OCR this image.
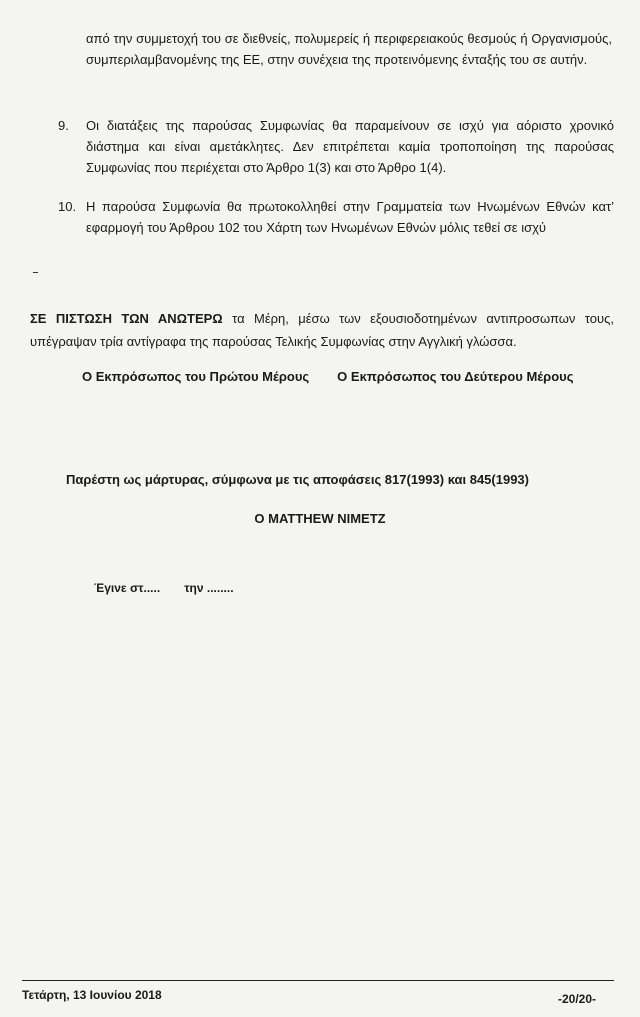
από την συμμετοχή του σε διεθνείς, πολυμερείς ή περιφερειακούς θεσμούς ή Οργανισμούς, συμπεριλαμβανομένης της ΕΕ, στην συνέχεια της προτεινόμενης ένταξής του σε αυτήν.
9. Οι διατάξεις της παρούσας Συμφωνίας θα παραμείνουν σε ισχύ για αόριστο χρονικό διάστημα και είναι αμετάκλητες. Δεν επιτρέπεται καμία τροποποίηση της παρούσας Συμφωνίας που περιέχεται στο Άρθρο 1(3) και στο Άρθρο 1(4).
10. Η παρούσα Συμφωνία θα πρωτοκολληθεί στην Γραμματεία των Ηνωμένων Εθνών κατ’ εφαρμογή του Άρθρου 102 του Χάρτη των Ηνωμένων Εθνών μόλις τεθεί σε ισχύ
ΣΕ ΠΙΣΤΩΣΗ ΤΩΝ ΑΝΩΤΕΡΩ τα Μέρη, μέσω των εξουσιοδοτημένων αντιπροσωπων τους, υπέγραψαν τρία αντίγραφα της παρούσας Τελικής Συμφωνίας στην Αγγλική γλώσσα.
Ο Εκπρόσωπος του Πρώτου Μέρους Ο Εκπρόσωπος του Δεύτερου Μέρους
Παρέστη ως μάρτυρας, σύμφωνα με τις αποφάσεις 817(1993) και 845(1993)
Ο MATTHEW NIMETZ
Έγινε στ..... την ........
Τετάρτη, 13 Ιουνίου 2018	-20/20-
